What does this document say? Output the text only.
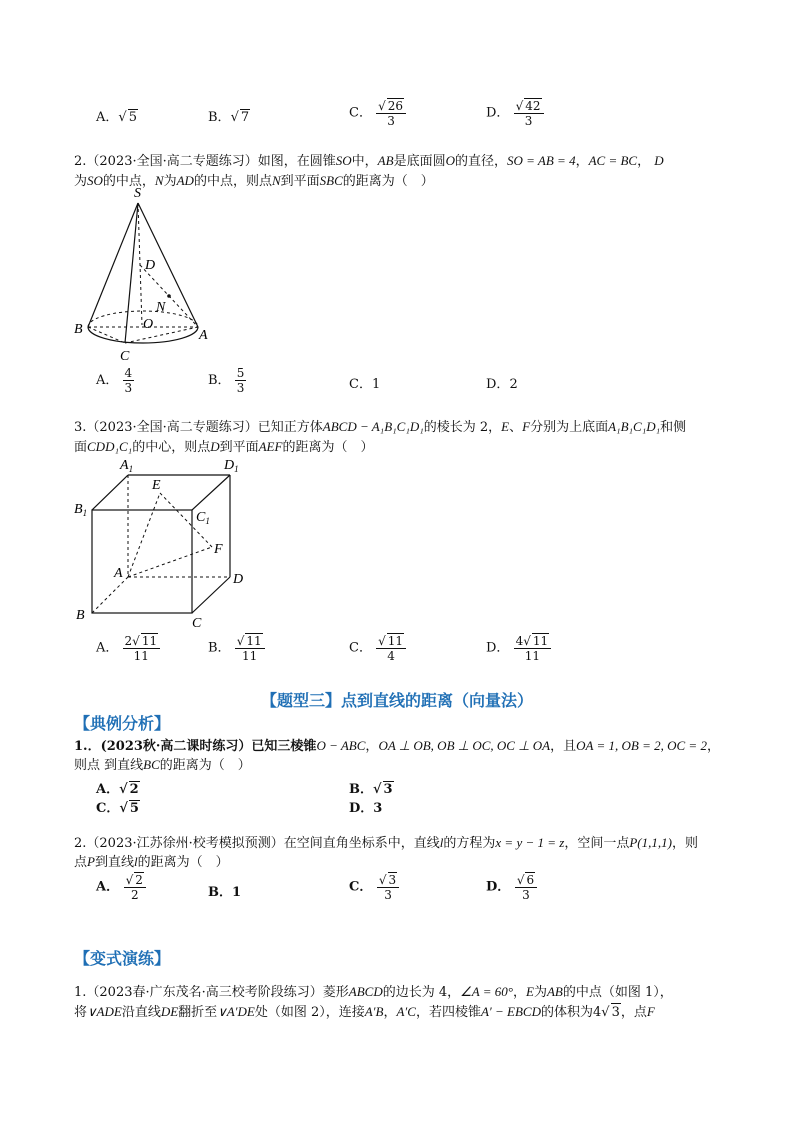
A．√ 5	B．√ 7	C． $\frac{√ 26}{3}$	D． $\frac{√ 42}{3}$
2.（2023·全国·高二专题练习）如图，在圆锥SO中，AB是底面圆O的直径，SO = AB = 4，AC = BC， D
为SO的中点，N为AD的中点，则点N到平面SBC的距离为（　）
S
D
N
O
B	A
C
A． $\frac{4}{3}$	B． $\frac{5}{3}$	C．1	D．2
3.（2023·全国·高二专题练习）已知正方体ABCD − A₁B₁C₁D₁的棱长为 2，E、F分别为上底面A₁B₁C₁D₁和侧
面CDD₁C₁的中心，则点D到平面AEF的距离为（　）
$A_1$	$D_1$
$B_1$	$C_1$
E
F
A	D
B
C
A． $\frac{2√ 11}{11}$	B． $\frac{√ 11}{11}$	C． $\frac{√ 11}{4}$	D． $\frac{4√ 11}{11}$
【题型三】点到直线的距离（向量法）
【典例分析】
1.．(2023秋·高二课时练习）已知三棱锥O − ABC，OA ⊥ OB, OB ⊥ OC, OC ⊥ OA，且OA = 1, OB = 2, OC = 2，
则点 到直线BC的距离为（　）
A．√ 2	B．√ 3
C．√ 5	D．3
2.（2023·江苏徐州·校考模拟预测）在空间直角坐标系中，直线l的方程为x = y − 1 = z，空间一点P(1,1,1)，则
点P到直线l的距离为（　）
A． $\frac{√ 2}{2}$	B．1	C． $\frac{√ 3}{3}$	D． $\frac{√ 6}{3}$
【变式演练】
1.（2023春·广东茂名·高三校考阶段练习）菱形ABCD的边长为 4，∠A = 60°，E为AB的中点（如图 1），
将∨ADE沿直线DE翻折至∨A′DE处（如图 2），连接A′B，A′C，若四棱锥A′ − EBCD的体积为4√ 3，点F
